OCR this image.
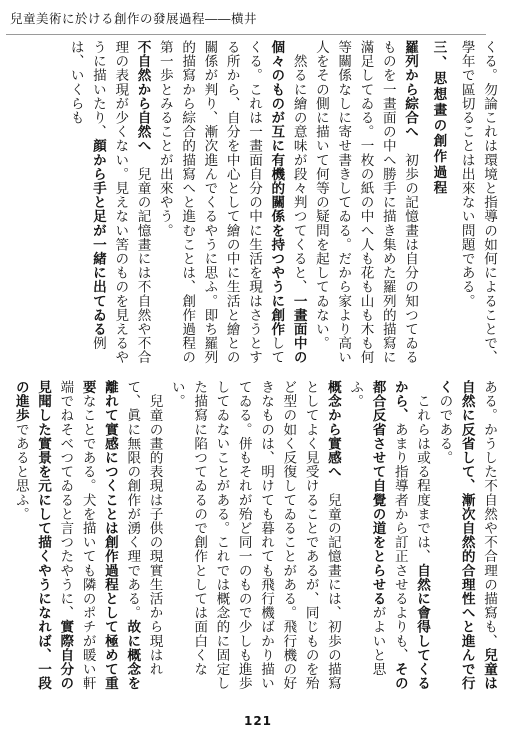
兒童美術に於ける創作の發展過程――横井
くる。勿論これは環境と指導の如何によることで、學年で區切ることは出來ない問題である。
三、思想畫の創作過程
羅列から綜合へ　初歩の記憶畫は自分の知つてゐるものを一畫面の中へ勝手に描き集めた羅列的描寫に滿足してゐる。一枚の紙の中へ人も花も山も木も何等關係なしに寄せ書きしてゐる。だから家より高い人をその側に描いて何等の疑問を起してゐない。
　然るに繪の意味が段々判つてくると、一畫面中の個々のものが互に有機的關係を持つやうに創作してくる。これは一畫面自分の中に生活を現はさうとする所から、自分を中心として繪の中に生活と繪との關係が判り、漸次進んでくるやうに思ふ。即ち羅列的描寫から綜合的描寫へと進むことは、創作過程の第一歩とみることが出來やう。
不自然から自然へ　兒童の記憶畫には不自然や不合理の表現が少くない。見えない筈のものを見えるやうに描いたり、顔から手と足が一緒に出てゐる例は、いくらも
ある。かうした不自然や不合理の描寫も、兒童は自然に反省して、漸次自然的合理性へと進んで行くのである。
　これらは或る程度までは、自然に會得してくるから、あまり指導者から訂正させるよりも、その都合反省させて自覺の道をとらせるがよいと思ふ。
概念から實感へ　兒童の記憶畫には、初歩の描寫としてよく見受けることであるが、同じものを殆ど型の如く反復してゐることがある。飛行機の好きなものは、明けても暮れても飛行機ばかり描いてゐる。併もそれが殆ど同一のもので少しも進歩してゐないことがある。これでは概念的に固定した描寫に陷つてゐるので創作としては面白くない。
　兒童の畫的表現は子供の現實生活から現はれて、眞に無限の創作が湧く理である。故に概念を離れて實感につくことは創作過程として極めて重要なことである。犬を描いても隣のポチが暖い軒端でねそべつてゐると言つたやうに、實際自分の見聞した實景を元にして描くやうになれば、一段の進歩であると思ふ。
121
